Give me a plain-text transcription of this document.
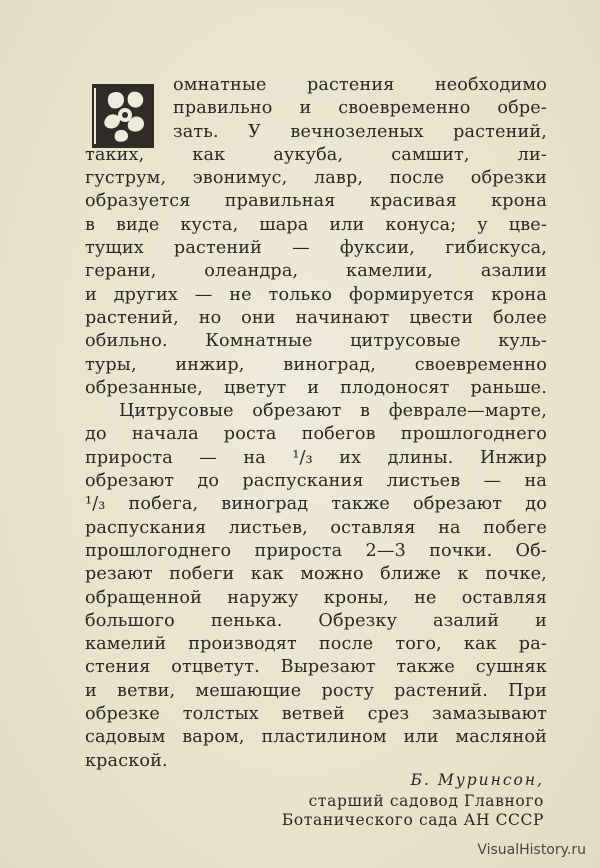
омнатные растения необходимо
правильно и своевременно обре-
зать. У вечнозеленых растений,
таких,	как	аукуба,	самшит,	ли-
густрум, эвонимус, лавр, после обрезки
образуется правильная красивая крона
в виде куста, шара или конуса; у цве-
тущих растений — фуксии, гибискуса,
герани,	олеандра,	камелии,	азалии
и других — не только формируется крона
растений, но они начинают цвести более
обильно. Комнатные цитрусовые куль-
туры, инжир, виноград, своевременно
обрезанные, цветут и плодоносят раньше.
Цитрусовые обрезают в феврале—марте,
до начала роста побегов прошлогоднего
прироста — на ¹/₃ их длины. Инжир
обрезают до распускания листьев — на
¹/₃ побега, виноград также обрезают до
распускания листьев, оставляя на побеге
прошлогоднего прироста 2—3 почки. Об-
резают побеги как можно ближе к почке,
обращенной наружу кроны, не оставляя
большого пенька. Обрезку азалий и
камелий производят после того, как ра-
стения отцветут. Вырезают также сушняк
и ветви, мешающие росту растений. При
обрезке толстых ветвей срез замазывают
садовым варом, пластилином или масляной
краской.
Б. Муринсон,
старший садовод Главного
Ботанического сада АН СССР
VisualHistory.ru
